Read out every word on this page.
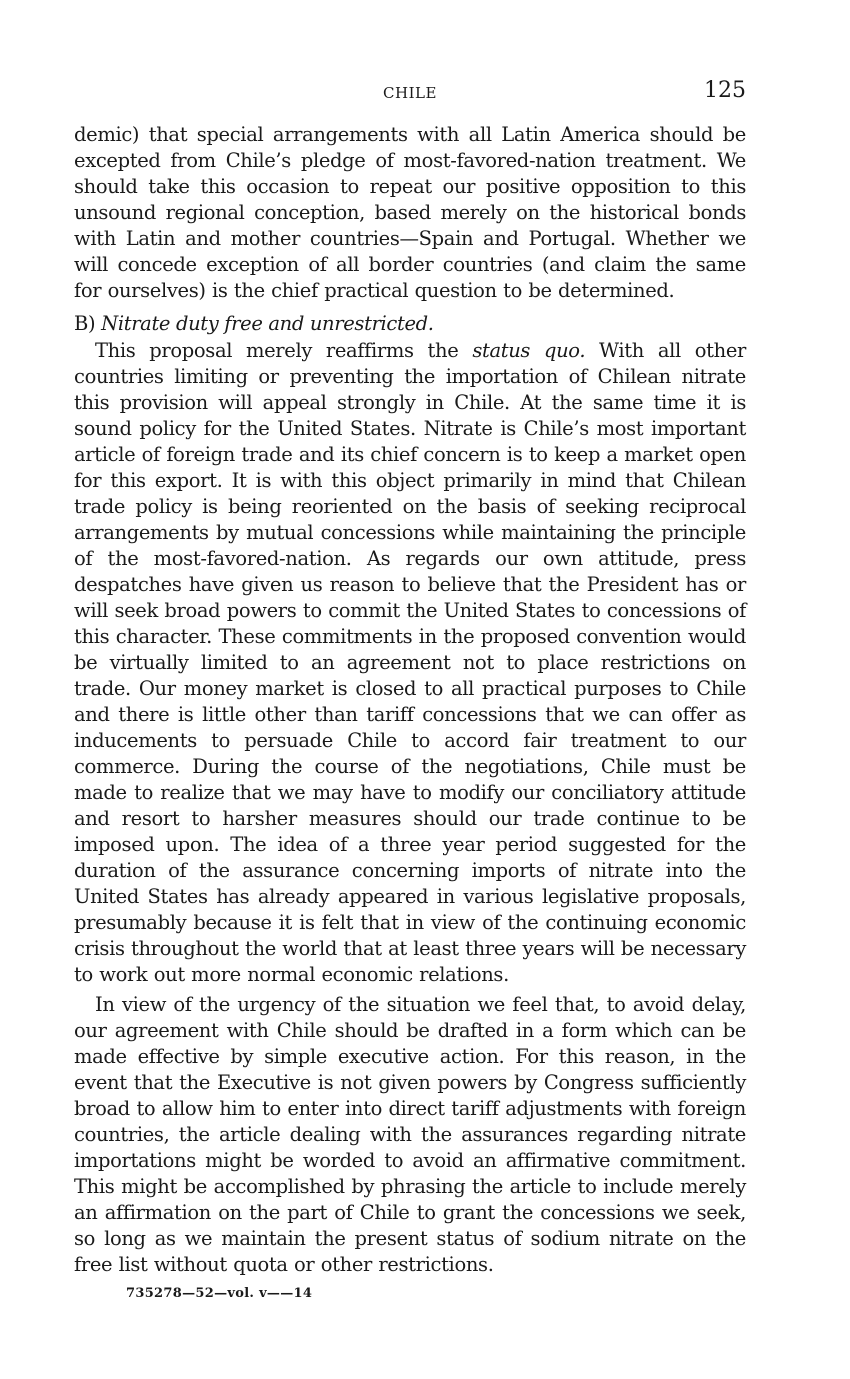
CHILE	125

demic) that special arrangements with all Latin America should be excepted from Chile’s pledge of most-favored-nation treatment. We should take this occasion to repeat our positive opposition to this unsound regional conception, based merely on the historical bonds with Latin and mother countries—Spain and Portugal. Whether we will concede exception of all border countries (and claim the same for ourselves) is the chief practical question to be determined.

B) Nitrate duty free and unrestricted.

This proposal merely reaffirms the status quo. With all other countries limiting or preventing the importation of Chilean nitrate this provision will appeal strongly in Chile. At the same time it is sound policy for the United States. Nitrate is Chile’s most important article of foreign trade and its chief concern is to keep a market open for this export. It is with this object primarily in mind that Chilean trade policy is being reoriented on the basis of seeking reciprocal arrangements by mutual concessions while maintaining the principle of the most-favored-nation. As regards our own attitude, press despatches have given us reason to believe that the President has or will seek broad powers to commit the United States to concessions of this character. These commitments in the proposed convention would be virtually limited to an agreement not to place restrictions on trade. Our money market is closed to all practical purposes to Chile and there is little other than tariff concessions that we can offer as inducements to persuade Chile to accord fair treatment to our commerce. During the course of the negotiations, Chile must be made to realize that we may have to modify our conciliatory attitude and resort to harsher measures should our trade continue to be imposed upon. The idea of a three year period suggested for the duration of the assurance concerning imports of nitrate into the United States has already appeared in various legislative proposals, presumably because it is felt that in view of the continuing economic crisis throughout the world that at least three years will be necessary to work out more normal economic relations.

In view of the urgency of the situation we feel that, to avoid delay, our agreement with Chile should be drafted in a form which can be made effective by simple executive action. For this reason, in the event that the Executive is not given powers by Congress sufficiently broad to allow him to enter into direct tariff adjustments with foreign countries, the article dealing with the assurances regarding nitrate importations might be worded to avoid an affirmative commitment. This might be accomplished by phrasing the article to include merely an affirmation on the part of Chile to grant the concessions we seek, so long as we maintain the present status of sodium nitrate on the free list without quota or other restrictions.

735278—52—vol. v——14
